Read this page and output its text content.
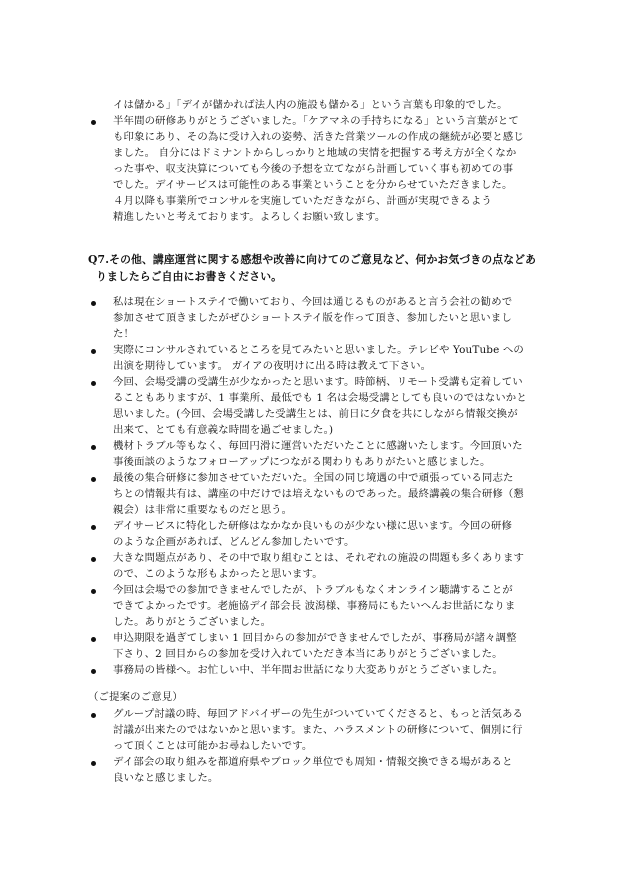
イは儲かる」「デイが儲かれば法人内の施設も儲かる」という言葉も印象的でした。
半年間の研修ありがとうございました。「ケアマネの手持ちになる」という言葉がとて
も印象にあり、その為に受け入れの姿勢、活きた営業ツールの作成の継続が必要と感じ
ました。 自分にはドミナントからしっかりと地域の実情を把握する考え方が全くなか
った事や、収支決算についても今後の予想を立てながら計画していく事も初めての事
でした。デイサービスは可能性のある事業ということを分からせていただきました。
４月以降も事業所でコンサルを実施していただきながら、計画が実現できるよう
精進したいと考えております。よろしくお願い致します。
Q7.その他、講座運営に関する感想や改善に向けてのご意見など、何かお気づきの点などあ
りましたらご自由にお書きください。
私は現在ショートステイで働いており、今回は通じるものがあると言う会社の勧めで
参加させて頂きましたがぜひショートステイ版を作って頂き、参加したいと思いまし
た！
実際にコンサルされているところを見てみたいと思いました。テレビや YouTube への
出演を期待しています。 ガイアの夜明けに出る時は教えて下さい。
今回、会場受講の受講生が少なかったと思います。時節柄、リモート受講も定着してい
ることもありますが、1 事業所、最低でも 1 名は会場受講としても良いのではないかと
思いました。(今回、会場受講した受講生とは、前日に夕食を共にしながら情報交換が
出来て、とても有意義な時間を過ごせました。)
機材トラブル等もなく、毎回円滑に運営いただいたことに感謝いたします。今回頂いた
事後面談のようなフォローアップにつながる関わりもありがたいと感じました。
最後の集合研修に参加させていただいた。全国の同じ境遇の中で頑張っている同志た
ちとの情報共有は、講座の中だけでは培えないものであった。最終講義の集合研修（懇
親会）は非常に重要なものだと思う。
デイサービスに特化した研修はなかなか良いものが少ない様に思います。今回の研修
のような企画があれば、どんどん参加したいです。
大きな問題点があり、その中で取り組むことは、それぞれの施設の問題も多くあります
ので、このような形もよかったと思います。
今回は会場での参加できませんでしたが、トラブルもなくオンライン聴講することが
できてよかったです。老施協デイ部会長 波潟様、事務局にもたいへんお世話になりま
した。ありがとうございました。
申込期限を過ぎてしまい 1 回目からの参加ができませんでしたが、事務局が諸々調整
下さり、2 回目からの参加を受け入れていただき本当にありがとうございました。
事務局の皆様へ。お忙しい中、半年間お世話になり大変ありがとうございました。
（ご提案のご意見）
グループ討議の時、毎回アドバイザーの先生がついていてくださると、もっと活気ある
討議が出来たのではないかと思います。また、ハラスメントの研修について、個別に行
って頂くことは可能かお尋ねしたいです。
デイ部会の取り組みを都道府県やブロック単位でも周知・情報交換できる場があると
良いなと感じました。
